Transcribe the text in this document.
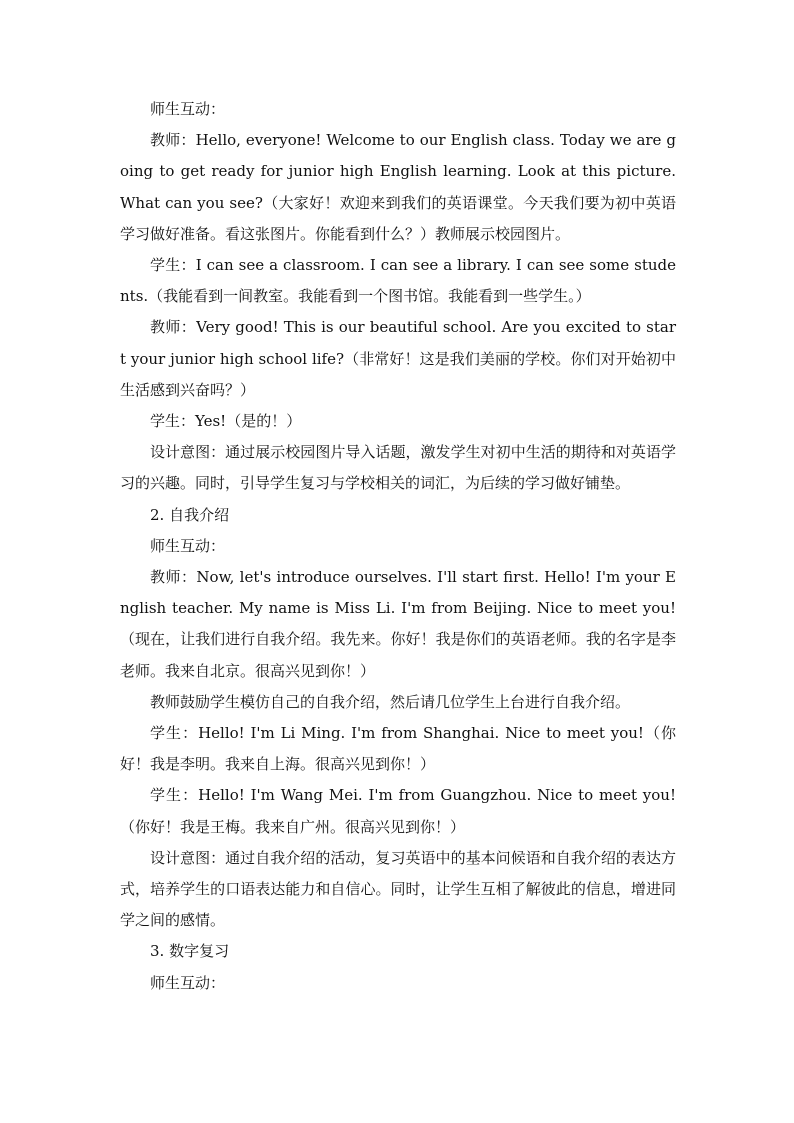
师生互动：

教师：Hello, everyone! Welcome to our English class. Today we are going to get ready for junior high English learning. Look at this picture. What can you see?（大家好！欢迎来到我们的英语课堂。今天我们要为初中英语学习做好准备。看这张图片。你能看到什么？）教师展示校园图片。

学生：I can see a classroom. I can see a library. I can see some students.（我能看到一间教室。我能看到一个图书馆。我能看到一些学生。）

教师：Very good! This is our beautiful school. Are you excited to start your junior high school life?（非常好！这是我们美丽的学校。你们对开始初中生活感到兴奋吗？）

学生：Yes!（是的！）

设计意图：通过展示校园图片导入话题，激发学生对初中生活的期待和对英语学习的兴趣。同时，引导学生复习与学校相关的词汇，为后续的学习做好铺垫。

2. 自我介绍

师生互动：

教师：Now, let's introduce ourselves. I'll start first. Hello! I'm your English teacher. My name is Miss Li. I'm from Beijing. Nice to meet you!（现在，让我们进行自我介绍。我先来。你好！我是你们的英语老师。我的名字是李老师。我来自北京。很高兴见到你！）

教师鼓励学生模仿自己的自我介绍，然后请几位学生上台进行自我介绍。

学生：Hello! I'm Li Ming. I'm from Shanghai. Nice to meet you!（你好！我是李明。我来自上海。很高兴见到你！）

学生：Hello! I'm Wang Mei. I'm from Guangzhou. Nice to meet you!（你好！我是王梅。我来自广州。很高兴见到你！）

设计意图：通过自我介绍的活动，复习英语中的基本问候语和自我介绍的表达方式，培养学生的口语表达能力和自信心。同时，让学生互相了解彼此的信息，增进同学之间的感情。

3. 数字复习

师生互动：
